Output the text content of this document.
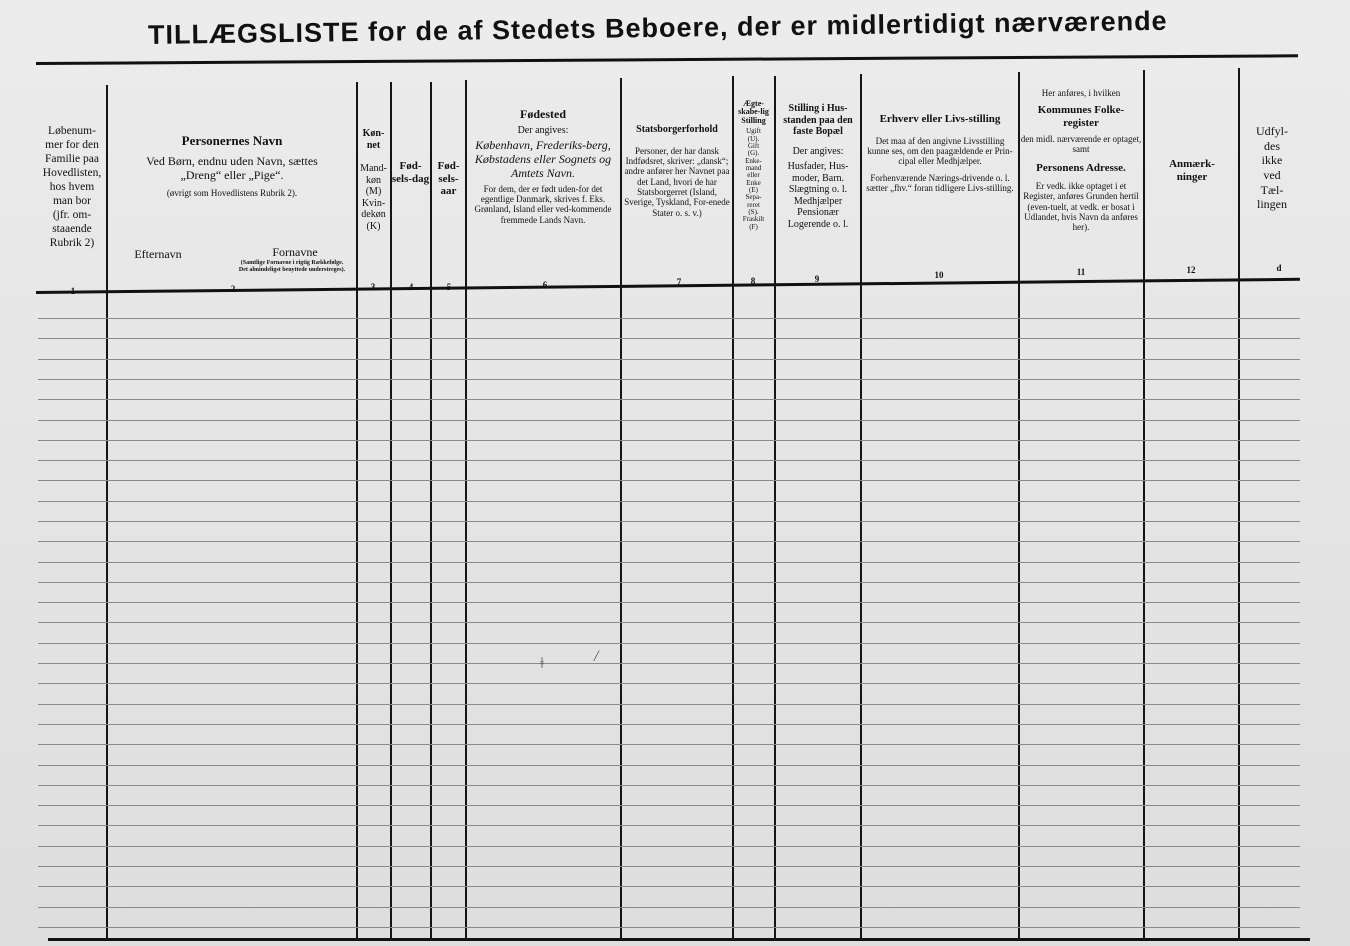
TILLÆGSLISTE for de af Stedets Beboere, der er midlertidigt nærværende
Løbenum-
mer for den
Familie paa
Hovedlisten,
hos hvem
man bor
(jfr. om-
staaende
Rubrik 2)
1
Personernes Navn
Ved Børn, endnu uden Navn, sættes
„Dreng“ eller „Pige“.
(øvrigt som Hovedlistens Rubrik 2).
Efternavn	Fornavne
(Samtlige Fornavne i rigtig Rækkefølge. Det almindeligst benyttede understreges).
2
Køn-net
Mand-
køn
(M)
Kvin-
dekøn
(K)
3
Fød-sels-dag
4
Fød-sels-aar
5
Fødested
Der angives:
København, Frederiks-berg, Købstadens eller Sognets og Amtets Navn.
For dem, der er født uden-for det egentlige Danmark, skrives f. Eks.
Grønland, Island eller ved-kommende fremmede Lands Navn.
6
Statsborgerforhold
Personer, der har dansk Indfødsret, skriver: „dansk“; andre anfører her Navnet paa det Land, hvori de har Statsborgerret (Island, Sverige, Tyskland, For-enede Stater o. s. v.)
7
Ægte-skabe-lig Stilling
Ugift
(U).
Gift
(G).
Enke-
mand
eller
Enke
(E)
Sepa-
reret
(S).
Fraskilt
(F)
8
Stilling i Hus-standen paa den faste Bopæl
Der angives:
Husfader, Hus-moder, Barn. Slægtning o. l. Medhjælper Pensionær Logerende o. l.
9
Erhverv eller Livs-stilling
Det maa af den angivne Livsstilling kunne ses, om den paagældende er Prin-cipal eller Medhjælper.
Forhenværende Nærings-drivende o. l. sætter „fhv.“ foran tidligere Livs-stilling.
10
Her anføres, i hvilken
Kommunes Folke-register
den midl. nærværende er optaget, samt
Personens Adresse.
Er vedk. ikke optaget i et Register, anføres Grunden hertil (even-tuelt, at vedk. er bosat i Udlandet, hvis Navn da anføres her).
11
Anmærk-ninger
12
Udfyl-
des
ikke
ved
Tæl-
lingen
d
ǂ	/
